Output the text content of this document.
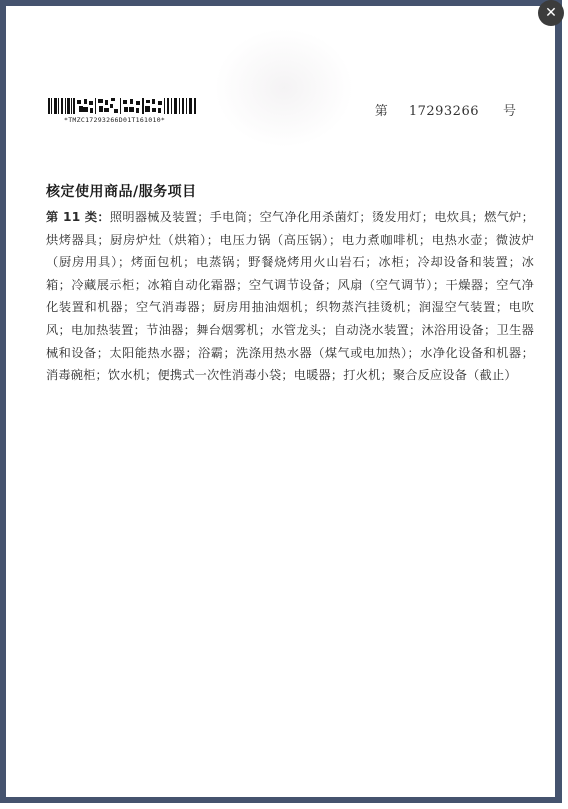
*TMZC17293266D01T161010*
第 17293266 号
核定使用商品/服务项目
第 11 类：照明器械及装置；手电筒；空气净化用杀菌灯；烫发用灯；电炊具；燃气炉；烘烤器具；厨房炉灶（烘箱）；电压力锅（高压锅）；电力煮咖啡机；电热水壶；微波炉（厨房用具）；烤面包机；电蒸锅；野餐烧烤用火山岩石；冰柜；冷却设备和装置；冰箱；冷藏展示柜；冰箱自动化霜器；空气调节设备；风扇（空气调节）；干燥器；空气净化装置和机器；空气消毒器；厨房用抽油烟机；织物蒸汽挂烫机；润湿空气装置；电吹风；电加热装置；节油器；舞台烟雾机；水管龙头；自动浇水装置；沐浴用设备；卫生器械和设备；太阳能热水器；浴霸；洗涤用热水器（煤气或电加热）；水净化设备和机器；消毒碗柜；饮水机；便携式一次性消毒小袋；电暖器；打火机；聚合反应设备（截止）
✕
